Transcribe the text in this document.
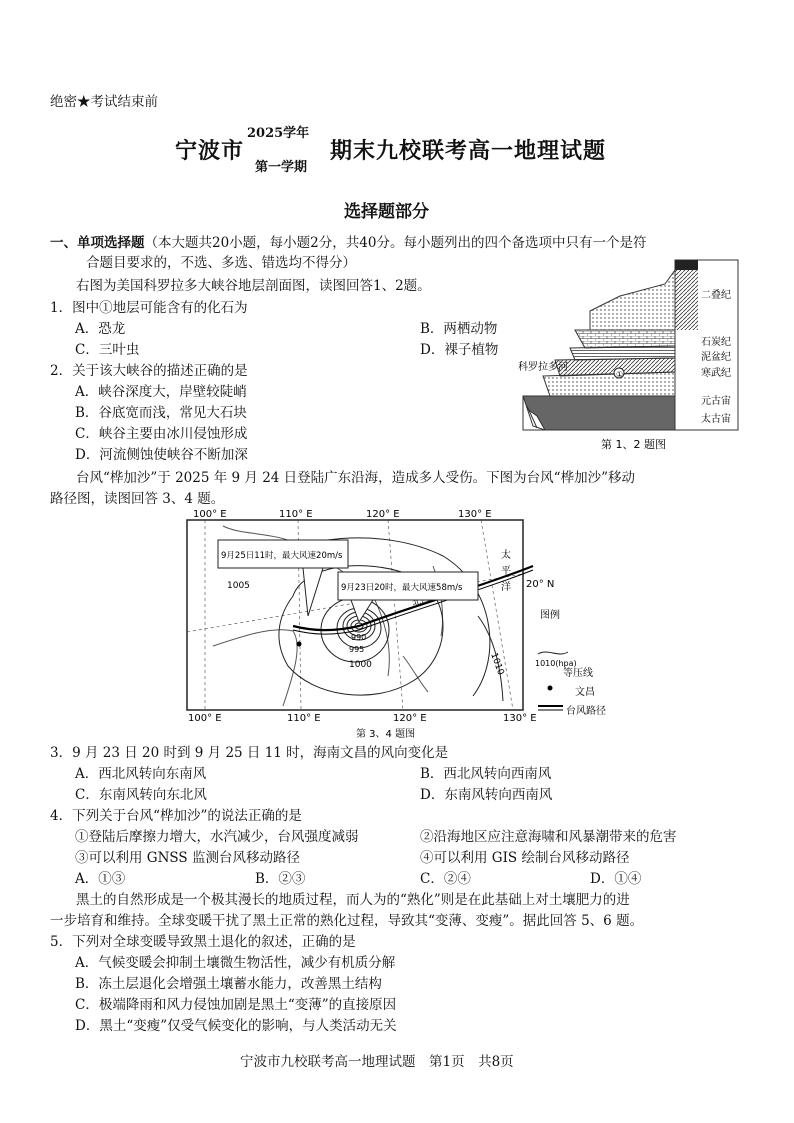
绝密★考试结束前
宁波市
2025学年
第一学期
期末九校联考高一地理试题
选择题部分
一、单项选择题（本大题共20小题，每小题2分，共40分。每小题列出的四个备选项中只有一个是符
合题目要求的，不选、多选、错选均不得分）
右图为美国科罗拉多大峡谷地层剖面图，读图回答1、2题。
1．图中①地层可能含有的化石为
A．恐龙	B．两栖动物
C．三叶虫	D．裸子植物
2．关于该大峡谷的描述正确的是
A．峡谷深度大，岸壁较陡峭
B．谷底宽而浅，常见大石块
C．峡谷主要由冰川侵蚀形成
D．河流侧蚀使峡谷不断加深
①
科罗拉多河
二叠纪
石炭纪
泥盆纪
寒武纪
元古宙
太古宙
第 1、2 题图
台风“桦加沙”于 2025 年 9 月 24 日登陆广东沿海，造成多人受伤。下图为台风“桦加沙”移动
路径图，读图回答 3、4 题。
100° E	110° E	120° E	130° E
100° E	110° E	120° E	130° E
20° N
1005
1010
1000
990
995
太
平
洋
9月25日11时，最大风速20m/s
9月23日20时，最大风速58m/s
图例
1010(hpa)
等压线
文昌
台风路径
第 3、4 题图
3．9 月 23 日 20 时到 9 月 25 日 11 时，海南文昌的风向变化是
A．西北风转向东南风	B．西北风转向西南风
C．东南风转向东北风	D．东南风转向西南风
4．下列关于台风“桦加沙”的说法正确的是
①登陆后摩擦力增大，水汽减少，台风强度减弱	②沿海地区应注意海啸和风暴潮带来的危害
③可以利用 GNSS 监测台风移动路径	④可以利用 GIS 绘制台风移动路径
A．①③	B．②③	C．②④	D．①④
黑土的自然形成是一个极其漫长的地质过程，而人为的“熟化”则是在此基础上对土壤肥力的进
一步培育和维持。全球变暖干扰了黑土正常的熟化过程，导致其“变薄、变瘦”。据此回答 5、6 题。
5．下列对全球变暖导致黑土退化的叙述，正确的是
A．气候变暖会抑制土壤微生物活性，减少有机质分解
B．冻土层退化会增强土壤蓄水能力，改善黑土结构
C．极端降雨和风力侵蚀加剧是黑土“变薄”的直接原因
D．黑土“变瘦”仅受气候变化的影响，与人类活动无关
宁波市九校联考高一地理试题　第1页　共8页
